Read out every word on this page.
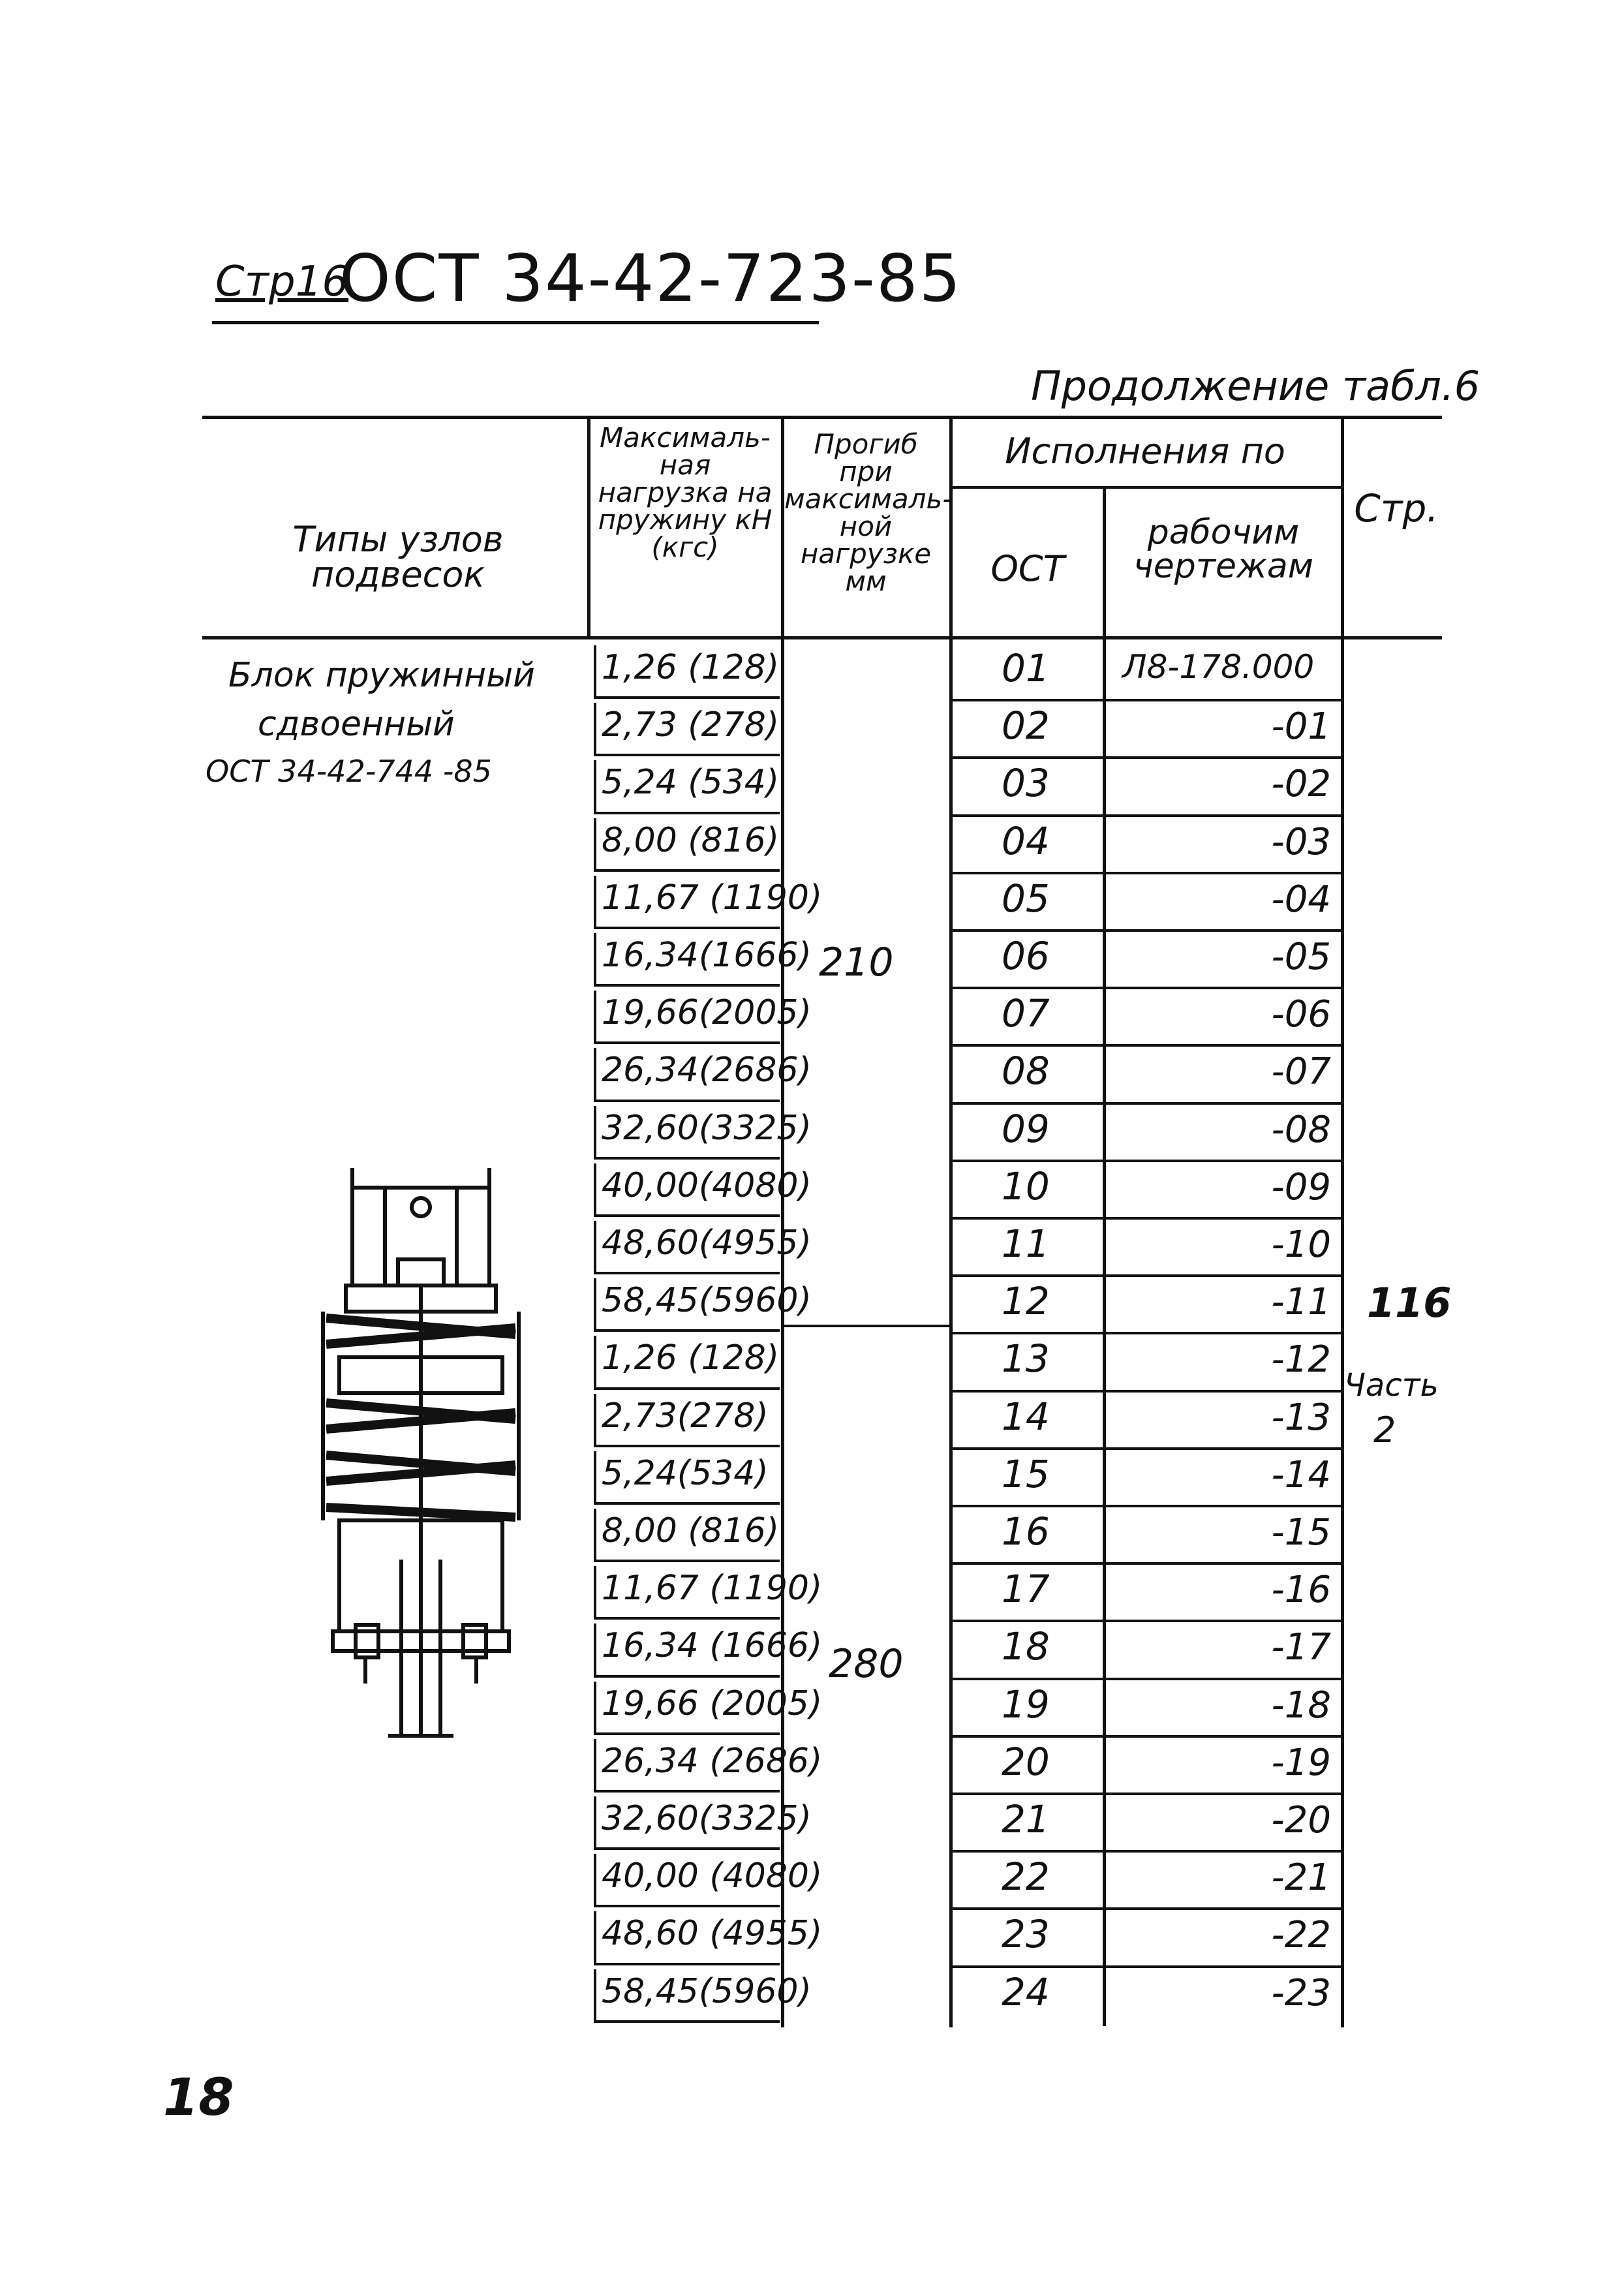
Стр16
ОСТ 34-42-723-85
Продолжение табл.6
Типы узлов подвесок
Максималь-ная нагрузка на пружину кН (кгс)
Прогиб при максималь-ной нагрузке мм
Исполнения по
ОСТ
рабочим чертежам
Стр.
Блок пружинный
сдвоенный
ОСТ 34-42-744 -85
1,26 (128)	01 Л8-178.000
2,73 (278)	02	-01
5,24 (534)	03	-02
8,00 (816)	04	-03
11,67 (1190)	05	-04
16,34(1666)	06	-05
19,66(2005)	07	-06
26,34(2686)	08	-07
32,60(3325)	09	-08
40,00(4080)	10	-09
48,60(4955)	11	-10
58,45(5960)	12	-11
1,26 (128)	13	-12
2,73(278)	14	-13
5,24(534)	15	-14
8,00 (816)	16	-15
11,67 (1190)	17	-16
16,34 (1666)	18	-17
19,66 (2005)	19	-18
26,34 (2686)	20	-19
32,60(3325)	21	-20
40,00 (4080)	22	-21
48,60 (4955)	23	-22
58,45(5960)	24	-23
210
280
116
Часть
2
18
